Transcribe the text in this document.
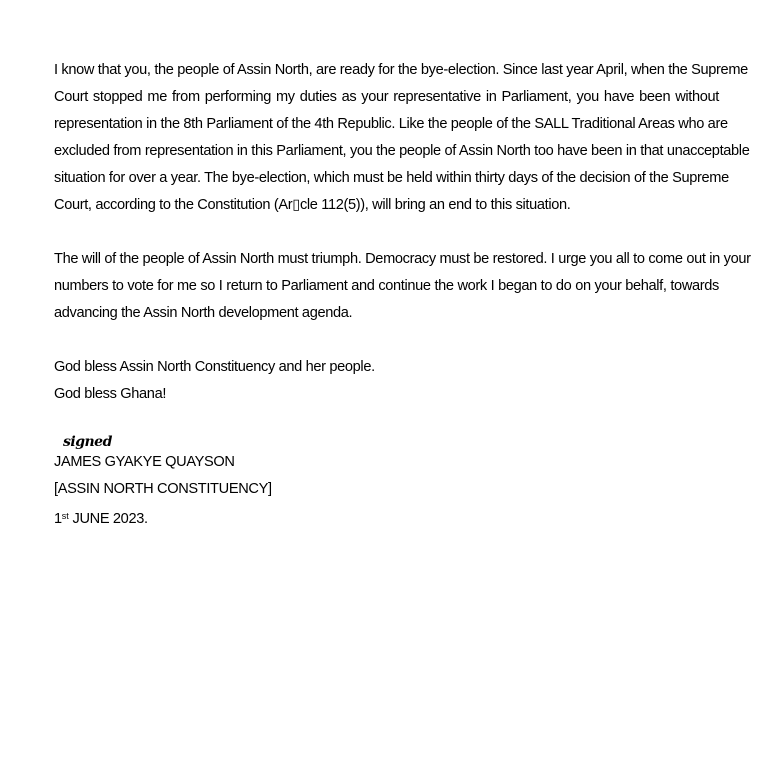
I know that you, the people of Assin North, are ready for the bye-election. Since last year April, when the Supreme
Court stopped me from performing my duties as your representative in Parliament, you have been without
representation in the 8th Parliament of the 4th Republic. Like the people of the SALL Traditional Areas who are
excluded from representation in this Parliament, you the people of Assin North too have been in that unacceptable
situation for over a year. The bye-election, which must be held within thirty days of the decision of the Supreme
Court, according to the Constitution (Ar▯cle 112(5)), will bring an end to this situation.
The will of the people of Assin North must triumph. Democracy must be restored. I urge you all to come out in your
numbers to vote for me so I return to Parliament and continue the work I began to do on your behalf, towards
advancing the Assin North development agenda.
God bless Assin North Constituency and her people.
God bless Ghana!
signed
JAMES GYAKYE QUAYSON
[ASSIN NORTH CONSTITUENCY]
1st JUNE 2023.
